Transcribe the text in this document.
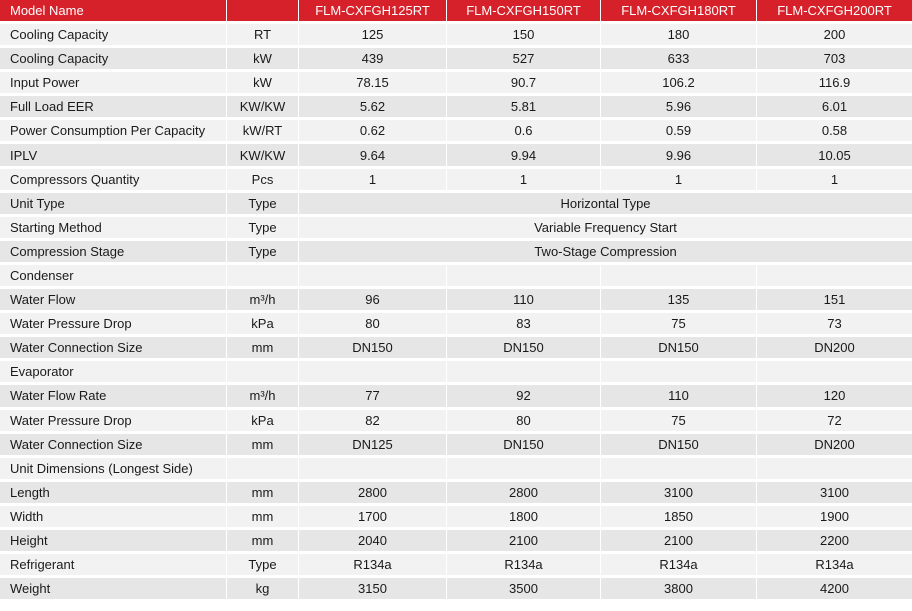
Model Name		FLM-CXFGH125RT	FLM-CXFGH150RT	FLM-CXFGH180RT	FLM-CXFGH200RT
Cooling Capacity	RT	125	150	180	200
Cooling Capacity	kW	439	527	633	703
Input Power	kW	78.15	90.7	106.2	116.9
Full Load EER	KW/KW	5.62	5.81	5.96	6.01
Power Consumption Per Capacity	kW/RT	0.62	0.6	0.59	0.58
IPLV	KW/KW	9.64	9.94	9.96	10.05
Compressors Quantity	Pcs	1	1	1	1
Unit Type	Type	Horizontal Type			
Starting Method	Type	Variable Frequency Start			
Compression Stage	Type	Two-Stage Compression			
Condenser					
Water Flow	m³/h	96	110	135	151
Water Pressure Drop	kPa	80	83	75	73
Water Connection Size	mm	DN150	DN150	DN150	DN200
Evaporator					
Water Flow Rate	m³/h	77	92	110	120
Water Pressure Drop	kPa	82	80	75	72
Water Connection Size	mm	DN125	DN150	DN150	DN200
Unit Dimensions (Longest Side)					
Length	mm	2800	2800	3100	3100
Width	mm	1700	1800	1850	1900
Height	mm	2040	2100	2100	2200
Refrigerant	Type	R134a	R134a	R134a	R134a
Weight	kg	3150	3500	3800	4200
